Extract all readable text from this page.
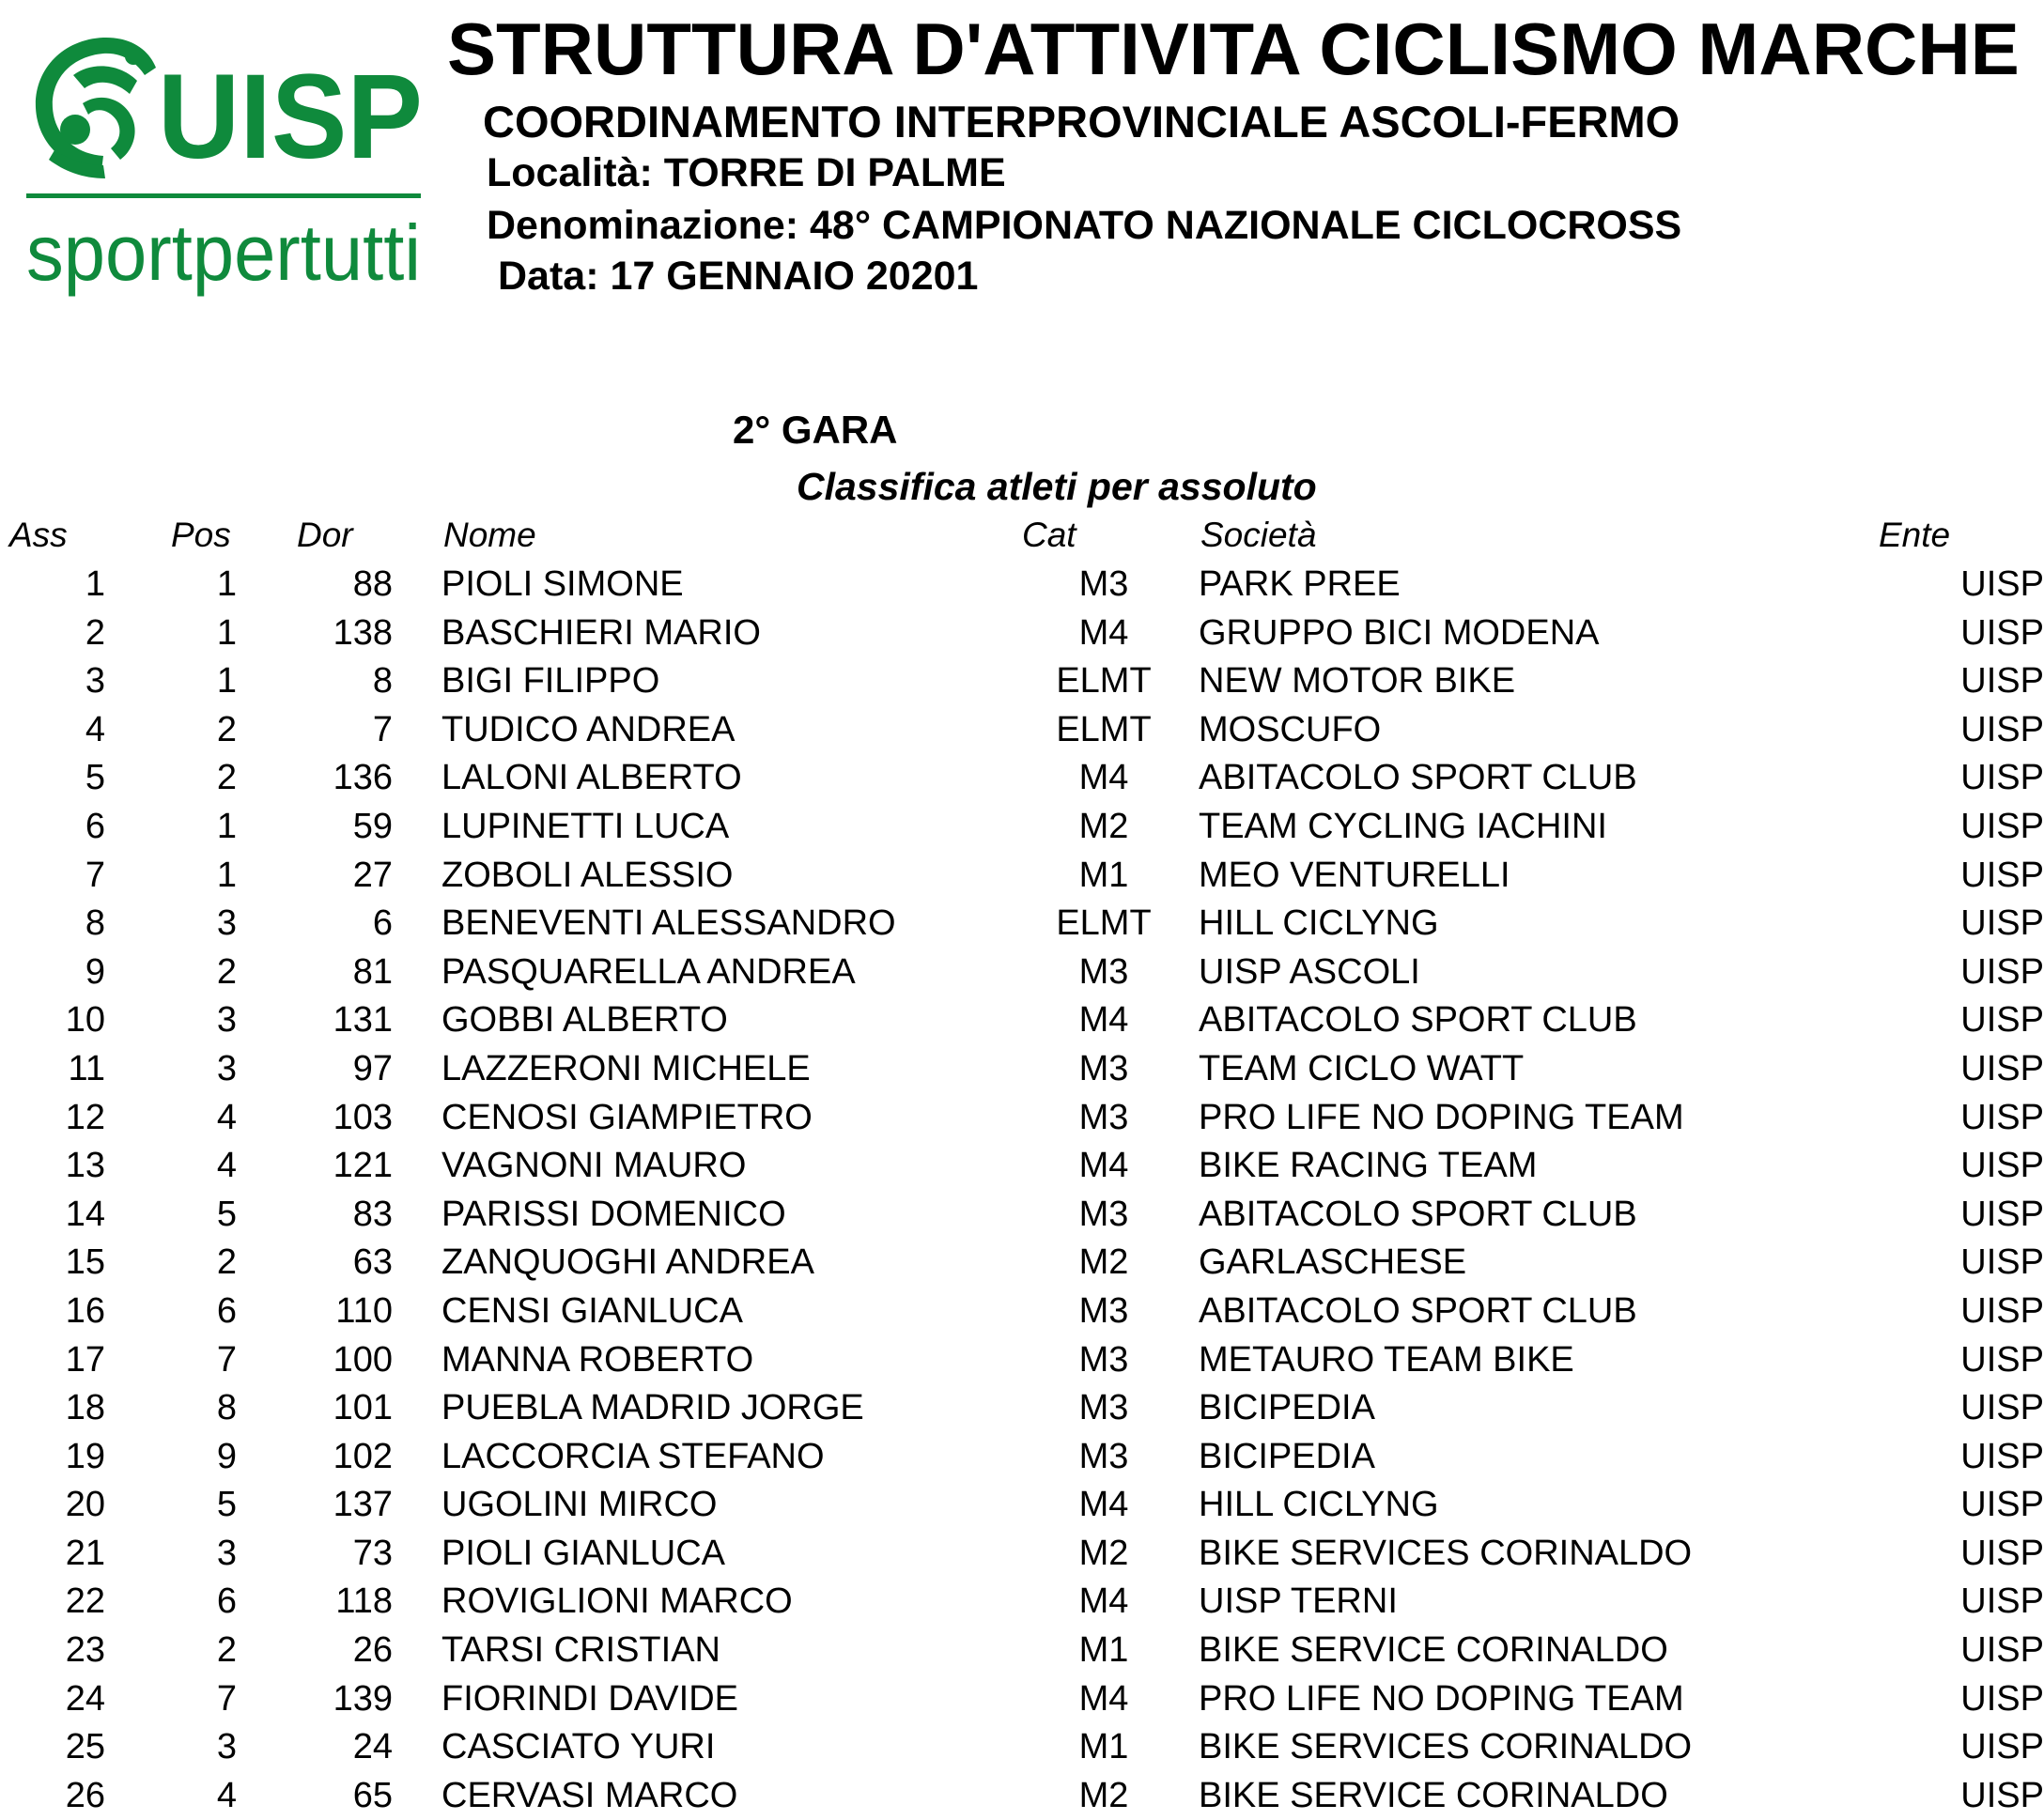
UISP
sportpertutti
STRUTTURA D'ATTIVITA CICLISMO MARCHE
COORDINAMENTO INTERPROVINCIALE ASCOLI-FERMO
Località: TORRE DI PALME
Denominazione: 48° CAMPIONATO NAZIONALE CICLOCROSS
Data: 17 GENNAIO 20201
2° GARA
Classifica atleti per assoluto
Ass	Pos Dor	Nome	Cat	Società	Ente
1	1	88 PIOLI SIMONE	M3	PARK PREE	UISP
2	1	138 BASCHIERI MARIO	M4	GRUPPO BICI MODENA	UISP
3	1	8 BIGI FILIPPO	ELMT	NEW MOTOR BIKE	UISP
4	2	7 TUDICO ANDREA	ELMT	MOSCUFO	UISP
5	2	136 LALONI ALBERTO	M4	ABITACOLO SPORT CLUB	UISP
6	1	59 LUPINETTI LUCA	M2	TEAM CYCLING IACHINI	UISP
7	1	27 ZOBOLI ALESSIO	M1	MEO VENTURELLI	UISP
8	3	6 BENEVENTI ALESSANDRO	ELMT	HILL CICLYNG	UISP
9	2	81 PASQUARELLA ANDREA	M3	UISP ASCOLI	UISP
10	3	131 GOBBI ALBERTO	M4	ABITACOLO SPORT CLUB	UISP
11	3	97 LAZZERONI MICHELE	M3	TEAM CICLO WATT	UISP
12	4	103 CENOSI GIAMPIETRO	M3	PRO LIFE NO DOPING TEAM	UISP
13	4	121 VAGNONI MAURO	M4	BIKE RACING TEAM	UISP
14	5	83 PARISSI DOMENICO	M3	ABITACOLO SPORT CLUB	UISP
15	2	63 ZANQUOGHI ANDREA	M2	GARLASCHESE	UISP
16	6	110 CENSI GIANLUCA	M3	ABITACOLO SPORT CLUB	UISP
17	7	100 MANNA ROBERTO	M3	METAURO TEAM BIKE	UISP
18	8	101 PUEBLA MADRID JORGE	M3	BICIPEDIA	UISP
19	9	102 LACCORCIA STEFANO	M3	BICIPEDIA	UISP
20	5	137 UGOLINI MIRCO	M4	HILL CICLYNG	UISP
21	3	73 PIOLI GIANLUCA	M2	BIKE SERVICES CORINALDO	UISP
22	6	118 ROVIGLIONI MARCO	M4	UISP TERNI	UISP
23	2	26 TARSI CRISTIAN	M1	BIKE SERVICE CORINALDO	UISP
24	7	139 FIORINDI DAVIDE	M4	PRO LIFE NO DOPING TEAM	UISP
25	3	24 CASCIATO YURI	M1	BIKE SERVICES CORINALDO	UISP
26	4	65 CERVASI MARCO	M2	BIKE SERVICE CORINALDO	UISP
